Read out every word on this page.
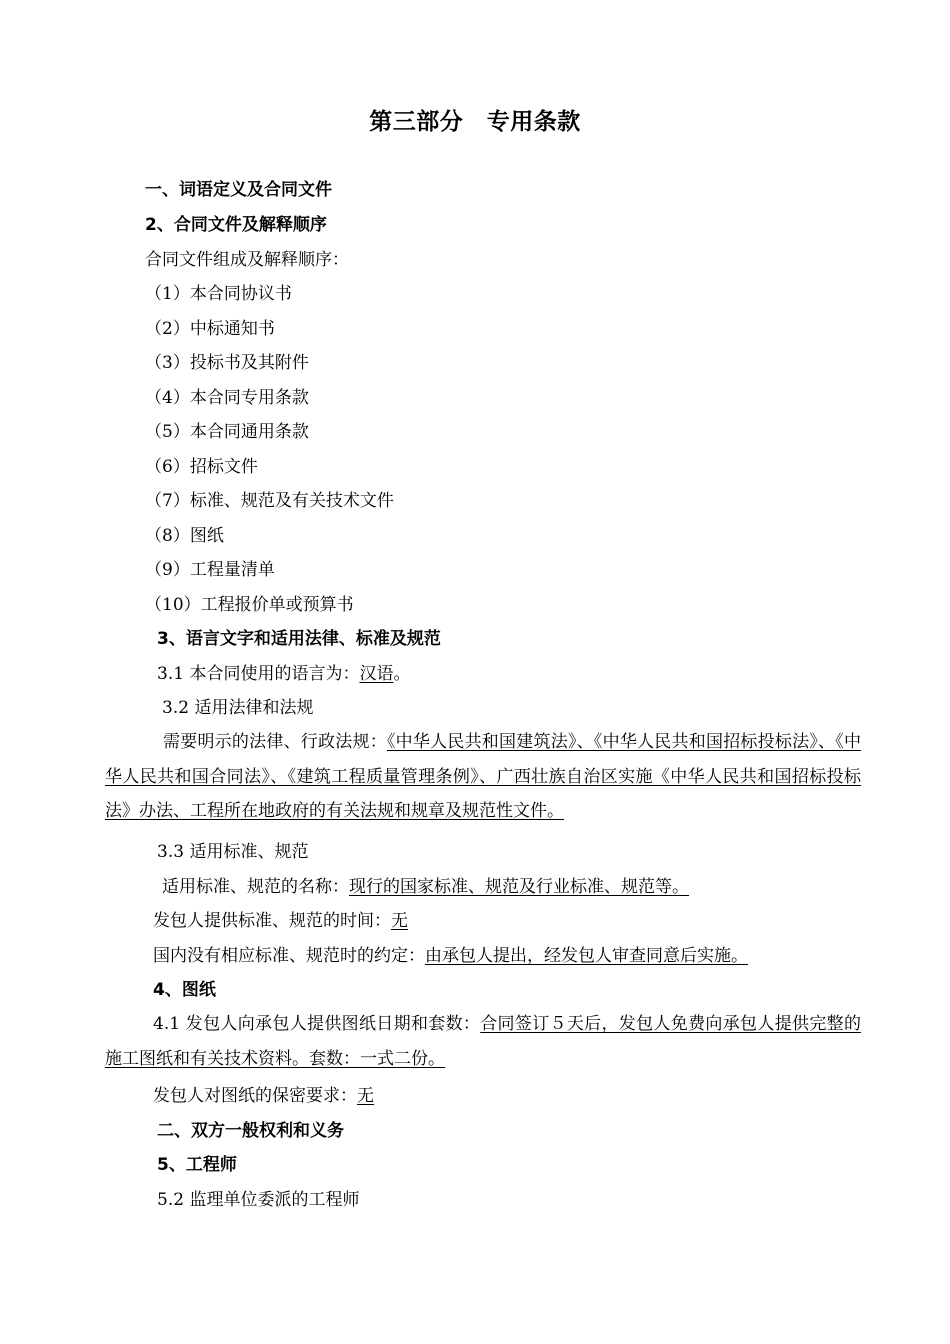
第三部分　专用条款
一、词语定义及合同文件
2、合同文件及解释顺序
合同文件组成及解释顺序：
（1）本合同协议书
（2）中标通知书
（3）投标书及其附件
（4）本合同专用条款
（5）本合同通用条款
（6）招标文件
（7）标准、规范及有关技术文件
（8）图纸
（9）工程量清单
（10）工程报价单或预算书
3、语言文字和适用法律、标准及规范
3.1 本合同使用的语言为：汉语。
3.2 适用法律和法规
需要明示的法律、行政法规：《中华人民共和国建筑法》、《中华人民共和国招标投标法》、《中华人民共和国合同法》、《建筑工程质量管理条例》、广西壮族自治区实施《中华人民共和国招标投标法》办法、工程所在地政府的有关法规和规章及规范性文件。
3.3 适用标准、规范
适用标准、规范的名称：现行的国家标准、规范及行业标准、规范等。
发包人提供标准、规范的时间：无
国内没有相应标准、规范时的约定：由承包人提出，经发包人审查同意后实施。
4、图纸
4.1 发包人向承包人提供图纸日期和套数：合同签订５天后，发包人免费向承包人提供完整的施工图纸和有关技术资料。套数：一式二份。
发包人对图纸的保密要求：无
二、双方一般权利和义务
5、工程师
5.2 监理单位委派的工程师
